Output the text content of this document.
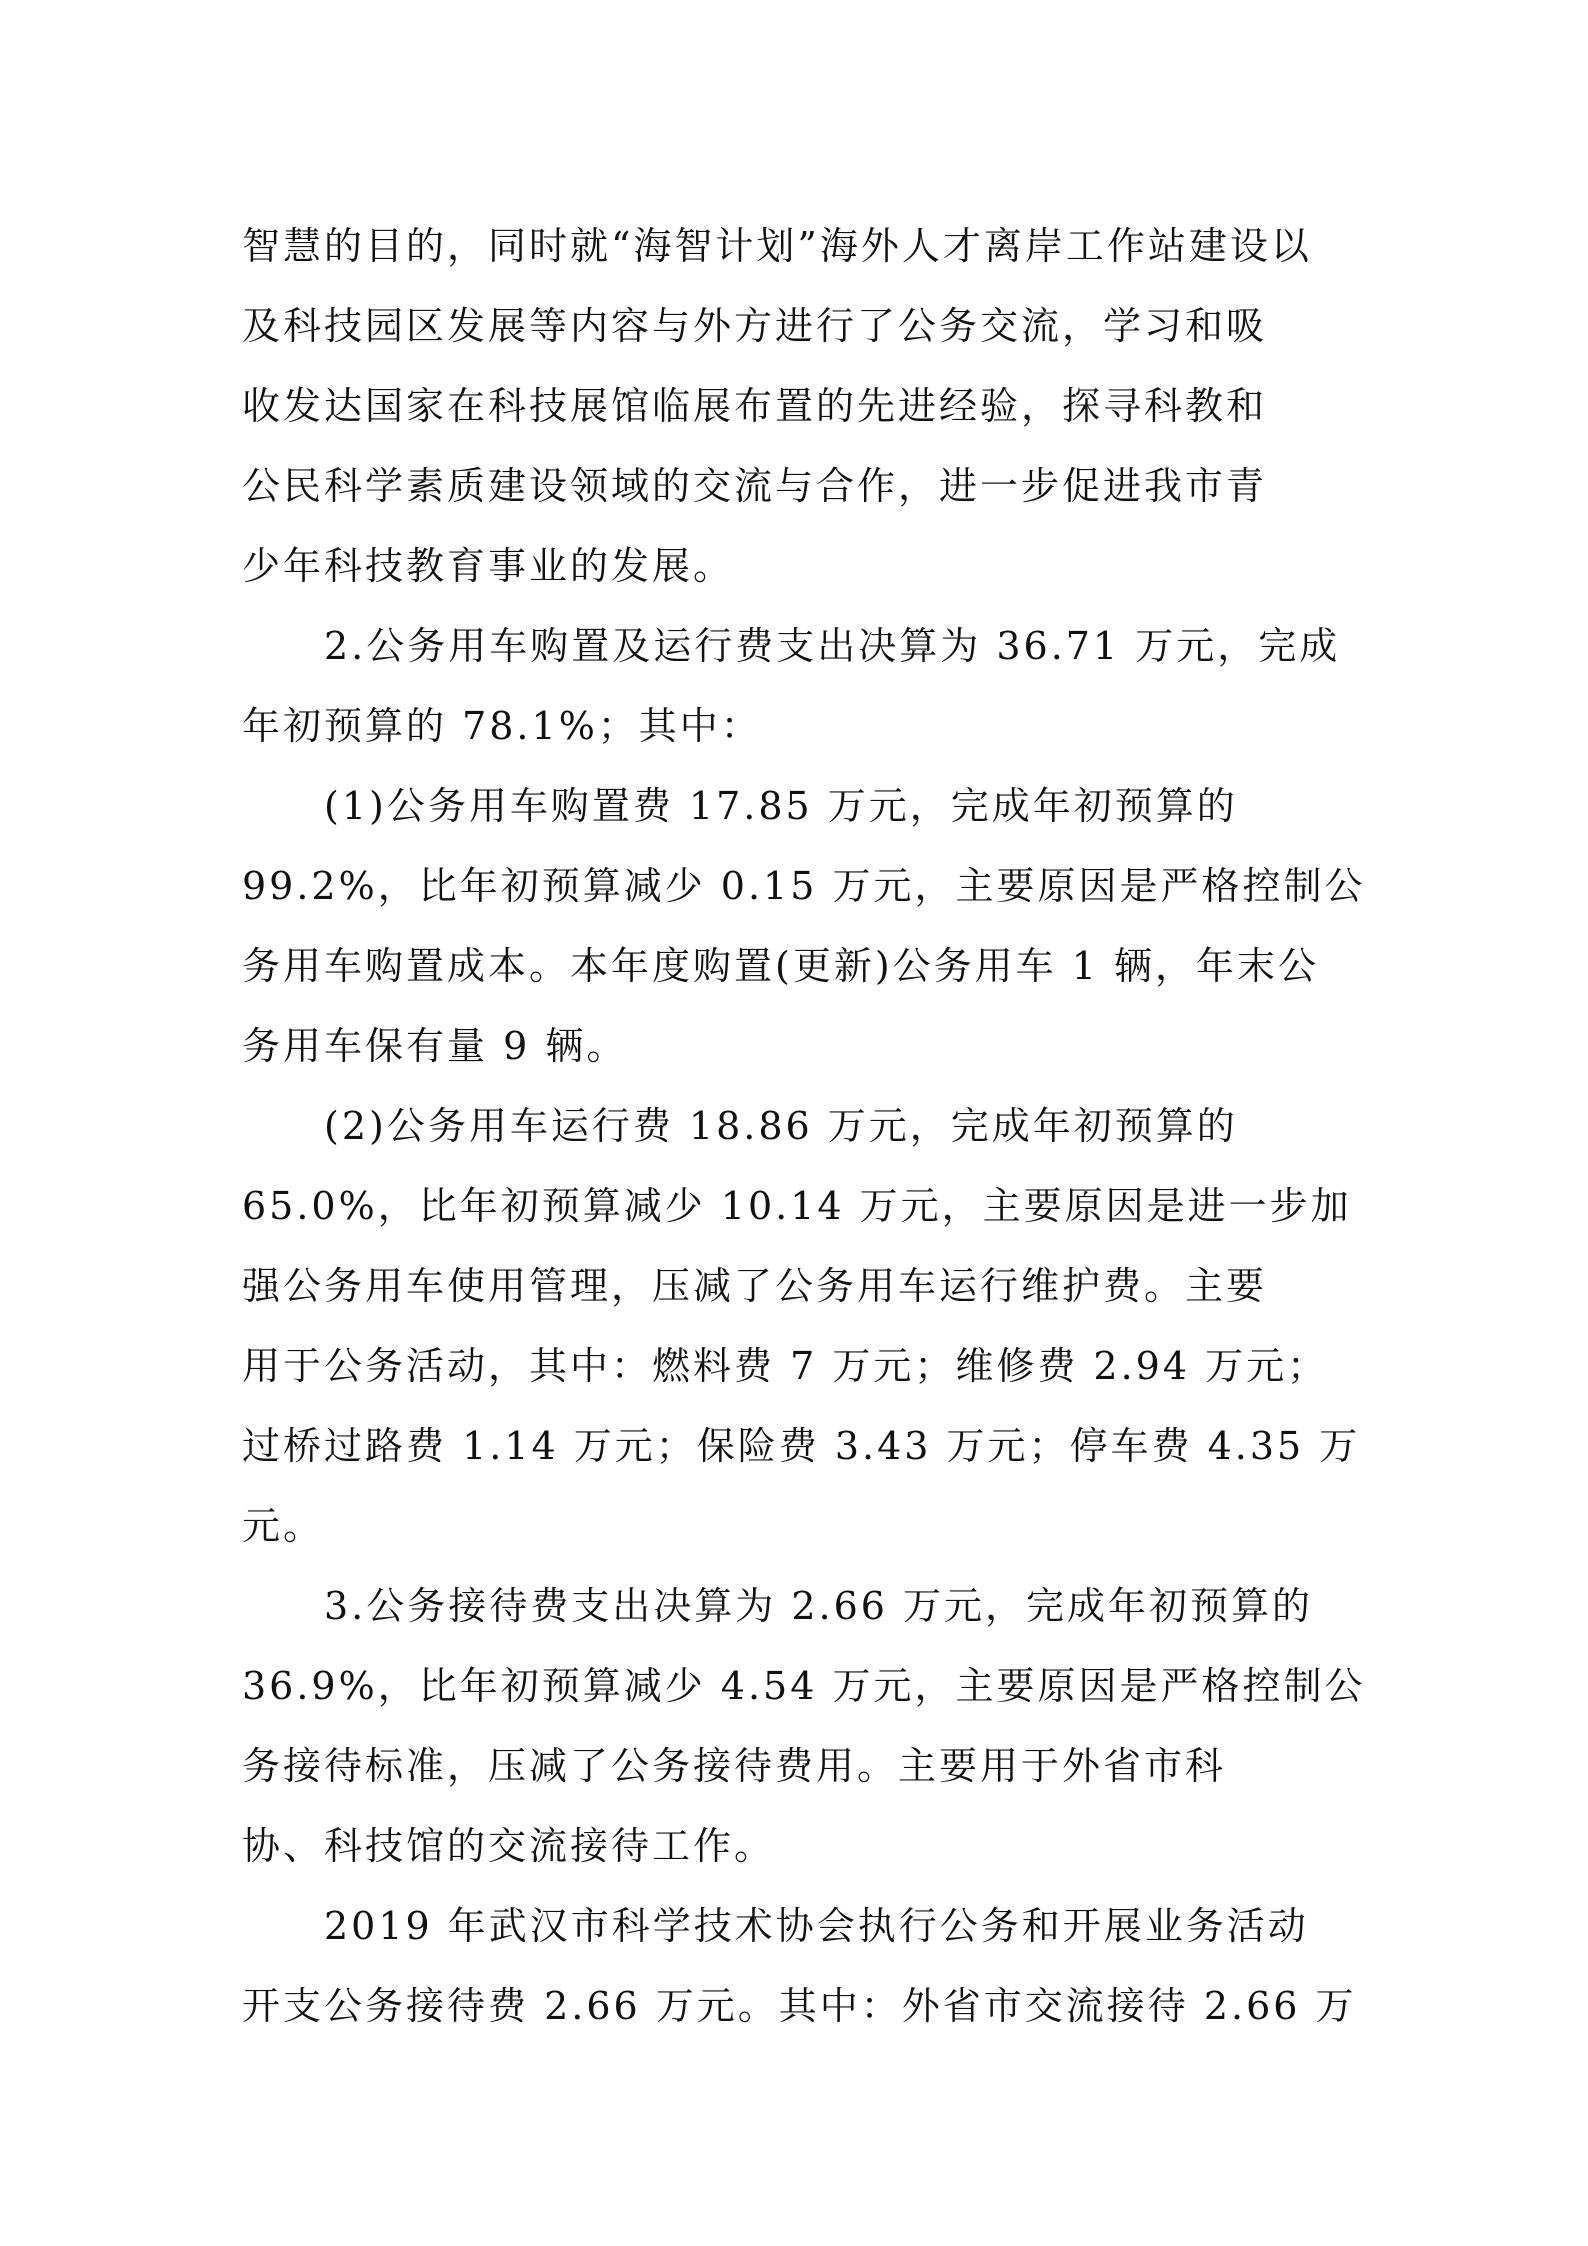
智慧的目的，同时就“海智计划”海外人才离岸工作站建设以
及科技园区发展等内容与外方进行了公务交流，学习和吸
收发达国家在科技展馆临展布置的先进经验，探寻科教和
公民科学素质建设领域的交流与合作，进一步促进我市青
少年科技教育事业的发展。
2.公务用车购置及运行费支出决算为 36.71 万元，完成
年初预算的 78.1%；其中：
(1)公务用车购置费 17.85 万元，完成年初预算的
99.2%，比年初预算减少 0.15 万元，主要原因是严格控制公
务用车购置成本。本年度购置(更新)公务用车 1 辆，年末公
务用车保有量 9 辆。
(2)公务用车运行费 18.86 万元，完成年初预算的
65.0%，比年初预算减少 10.14 万元，主要原因是进一步加
强公务用车使用管理，压减了公务用车运行维护费。主要
用于公务活动，其中：燃料费 7 万元；维修费 2.94 万元；
过桥过路费 1.14 万元；保险费 3.43 万元；停车费 4.35 万
元。
3.公务接待费支出决算为 2.66 万元，完成年初预算的
36.9%，比年初预算减少 4.54 万元，主要原因是严格控制公
务接待标准，压减了公务接待费用。主要用于外省市科
协、科技馆的交流接待工作。
2019 年武汉市科学技术协会执行公务和开展业务活动
开支公务接待费 2.66 万元。其中：外省市交流接待 2.66 万
